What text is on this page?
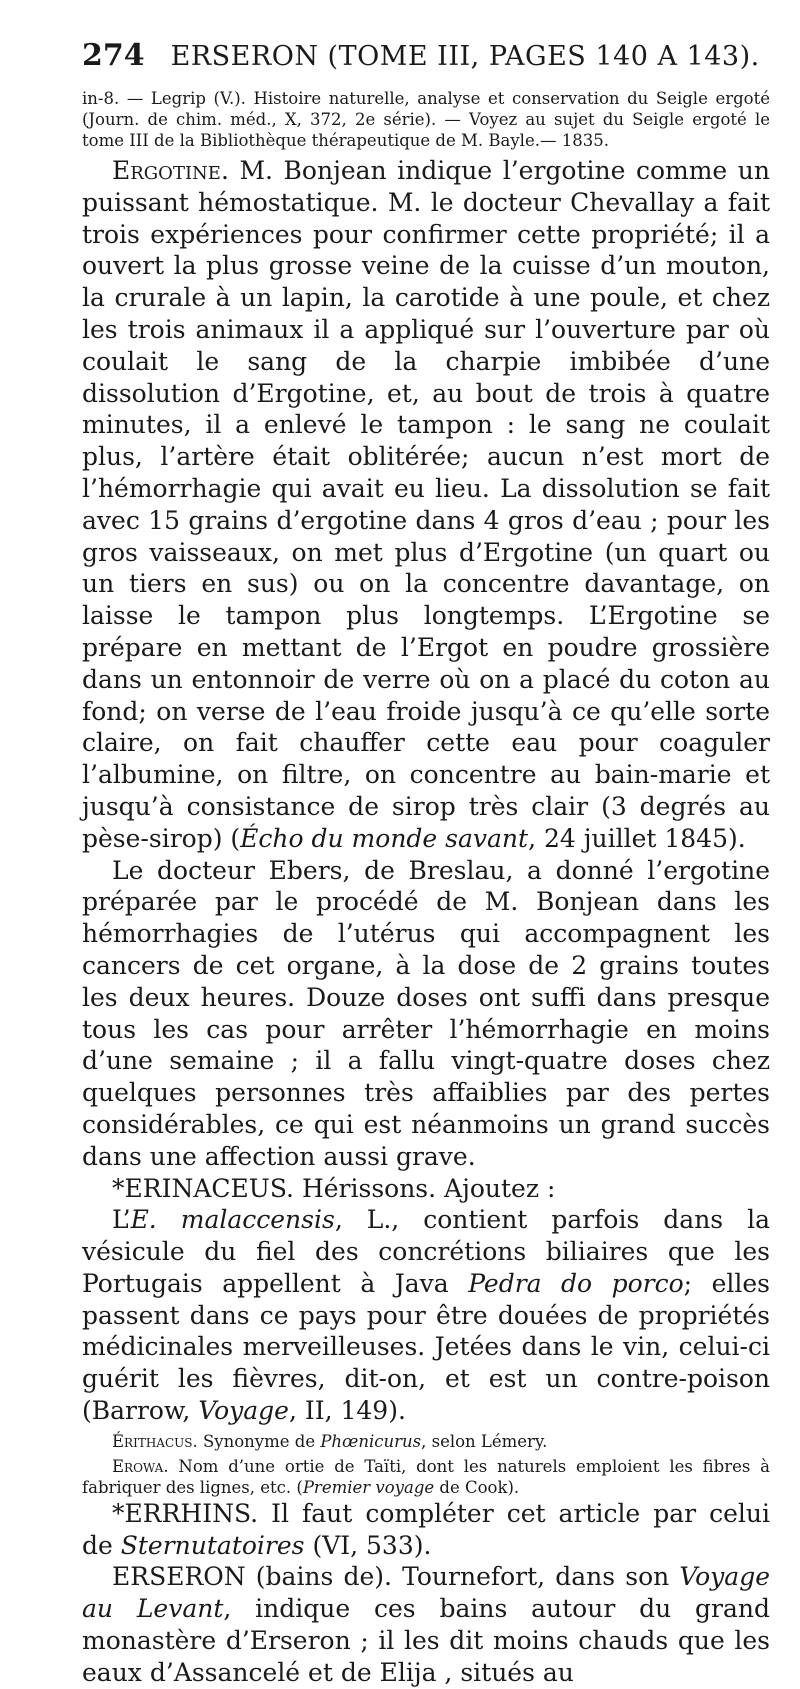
274 ERSERON (TOME III, PAGES 140 A 143).

in-8. — Legrip (V.). Histoire naturelle, analyse et conservation du Seigle ergoté (Journ. de chim. méd., X, 372, 2e série). — Voyez au sujet du Seigle ergoté le tome III de la Bibliothèque thérapeutique de M. Bayle.— 1835.

Ergotine. M. Bonjean indique l’ergotine comme un puissant hémostatique. M. le docteur Chevallay a fait trois expériences pour confirmer cette propriété; il a ouvert la plus grosse veine de la cuisse d’un mouton, la crurale à un lapin, la carotide à une poule, et chez les trois animaux il a appliqué sur l’ouverture par où coulait le sang de la charpie imbibée d’une dissolution d’Ergotine, et, au bout de trois à quatre minutes, il a enlevé le tampon : le sang ne coulait plus, l’artère était oblitérée; aucun n’est mort de l’hémorrhagie qui avait eu lieu. La dissolution se fait avec 15 grains d’ergotine dans 4 gros d’eau ; pour les gros vaisseaux, on met plus d’Ergotine (un quart ou un tiers en sus) ou on la concentre davantage, on laisse le tampon plus longtemps. L’Ergotine se prépare en mettant de l’Ergot en poudre grossière dans un entonnoir de verre où on a placé du coton au fond; on verse de l’eau froide jusqu’à ce qu’elle sorte claire, on fait chauffer cette eau pour coaguler l’albumine, on filtre, on concentre au bain-marie et jusqu’à consistance de sirop très clair (3 degrés au pèse-sirop) (Écho du monde savant, 24 juillet 1845).

Le docteur Ebers, de Breslau, a donné l’ergotine préparée par le procédé de M. Bonjean dans les hémorrhagies de l’utérus qui accompagnent les cancers de cet organe, à la dose de 2 grains toutes les deux heures. Douze doses ont suffi dans presque tous les cas pour arrêter l’hémorrhagie en moins d’une semaine ; il a fallu vingt-quatre doses chez quelques personnes très affaiblies par des pertes considérables, ce qui est néanmoins un grand succès dans une affection aussi grave.

*ERINACEUS. Hérissons. Ajoutez :

L’E. malaccensis, L., contient parfois dans la vésicule du fiel des concrétions biliaires que les Portugais appellent à Java Pedra do porco; elles passent dans ce pays pour être douées de propriétés médicinales merveilleuses. Jetées dans le vin, celui-ci guérit les fièvres, dit-on, et est un contre-poison (Barrow, Voyage, II, 149).

Érithacus. Synonyme de Phœnicurus, selon Lémery.

Erowa. Nom d’une ortie de Taïti, dont les naturels emploient les fibres à fabriquer des lignes, etc. (Premier voyage de Cook).

*ERRHINS. Il faut compléter cet article par celui de Sternutatoires (VI, 533).

ERSERON (bains de). Tournefort, dans son Voyage au Levant, indique ces bains autour du grand monastère d’Erseron ; il les dit moins chauds que les eaux d’Assancelé et de Elija , situés au
